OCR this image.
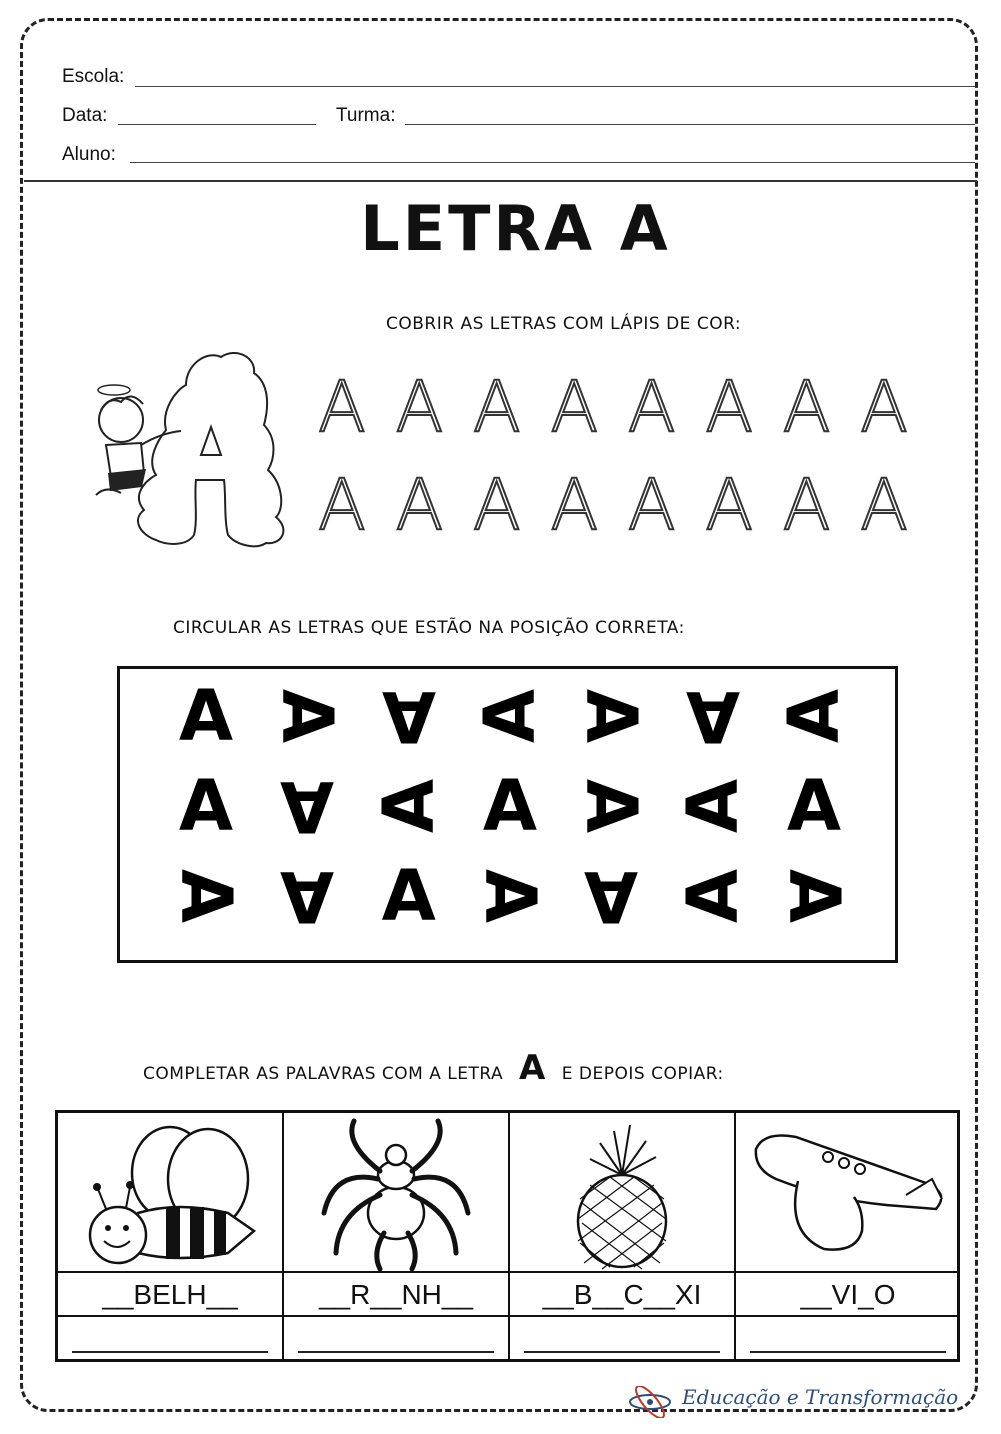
Escola:
Data:	Turma:
Aluno:
LETRA A
COBRIR AS LETRAS COM LÁPIS DE COR:
A A A A A A A A
A A A A A A A A
CIRCULAR AS LETRAS QUE ESTÃO NA POSIÇÃO CORRETA:
A A A A A A A
A A A A A A A
A A A A A A A
COMPLETAR AS PALAVRAS COM A LETRA A E DEPOIS COPIAR:
__BELH__	__R__NH__	__B__C__XI	__VI_O
Educação e Transformação
